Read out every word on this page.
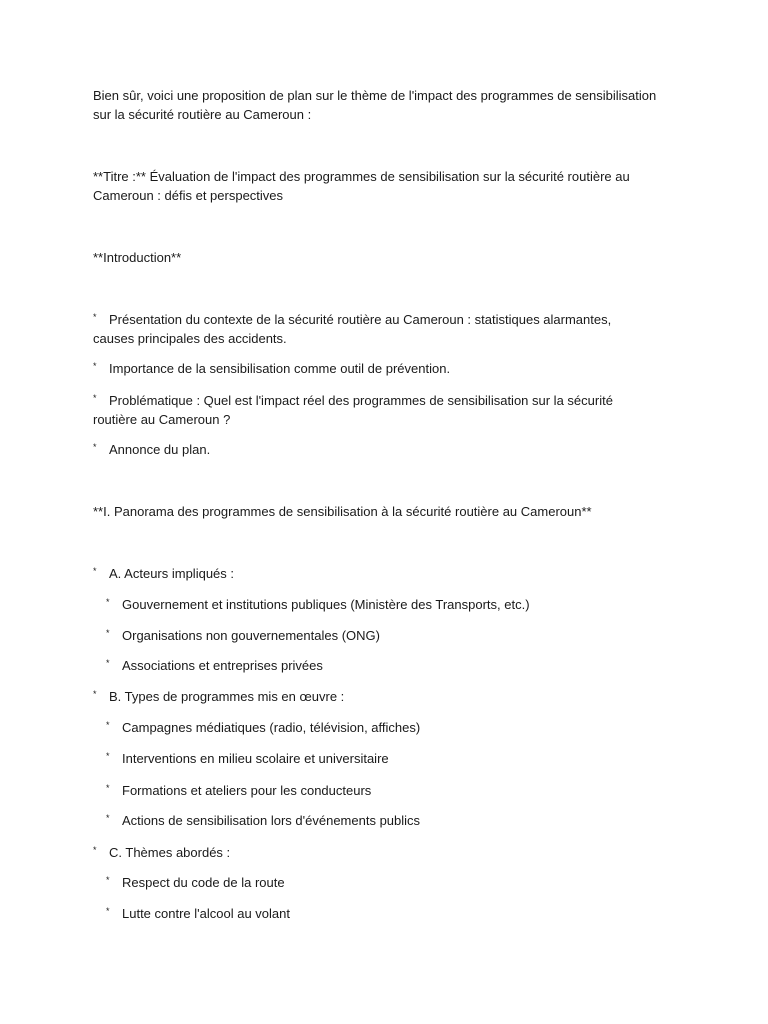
Bien sûr, voici une proposition de plan sur le thème de l'impact des programmes de sensibilisation sur la sécurité routière au Cameroun :

**Titre :** Évaluation de l'impact des programmes de sensibilisation sur la sécurité routière au Cameroun : défis et perspectives

**Introduction**

* Présentation du contexte de la sécurité routière au Cameroun : statistiques alarmantes, causes principales des accidents.
* Importance de la sensibilisation comme outil de prévention.
* Problématique : Quel est l'impact réel des programmes de sensibilisation sur la sécurité routière au Cameroun ?
* Annonce du plan.

**I. Panorama des programmes de sensibilisation à la sécurité routière au Cameroun**

* A. Acteurs impliqués :
* Gouvernement et institutions publiques (Ministère des Transports, etc.)
* Organisations non gouvernementales (ONG)
* Associations et entreprises privées
* B. Types de programmes mis en œuvre :
* Campagnes médiatiques (radio, télévision, affiches)
* Interventions en milieu scolaire et universitaire
* Formations et ateliers pour les conducteurs
* Actions de sensibilisation lors d'événements publics
* C. Thèmes abordés :
* Respect du code de la route
* Lutte contre l'alcool au volant
